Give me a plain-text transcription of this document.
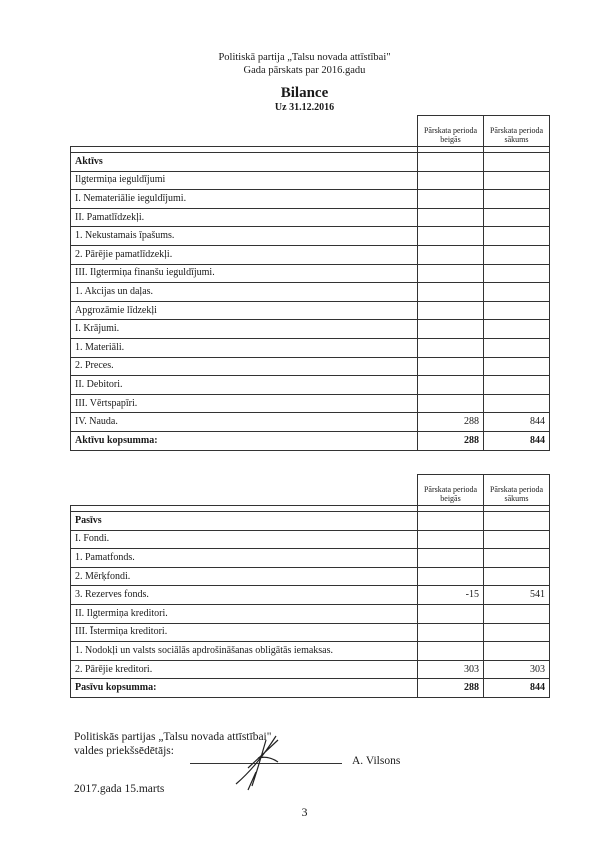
Politiskā partija „Talsu novada attīstībai"
Gada pārskats par 2016.gadu
Bilance
Uz 31.12.2016
	Pārskata perioda beigās	Pārskata perioda sākums

Aktīvs		
Ilgtermiņa ieguldījumi		
I. Nemateriālie ieguldījumi.		
II. Pamatlīdzekļi.		
1. Nekustamais īpašums.		
2. Pārējie pamatlīdzekļi.		
III. Ilgtermiņa finanšu ieguldījumi.		
1. Akcijas un daļas.		
Apgrozāmie līdzekļi		
I. Krājumi.		
1. Materiāli.		
2. Preces.		
II. Debitori.		
III. Vērtspapīri.		
IV. Nauda.	288	844
Aktīvu kopsumma:	288	844
	Pārskata perioda beigās	Pārskata perioda sākums

Pasīvs		
I. Fondi.		
1. Pamatfonds.		
2. Mērķfondi.		
3. Rezerves fonds.	-15	541
II. Ilgtermiņa kreditori.		
III. Īstermiņa kreditori.		
1. Nodokļi un valsts sociālās apdrošināšanas obligātās iemaksas.		
2. Pārējie kreditori.	303	303
Pasīvu kopsumma:	288	844
Politiskās partijas „Talsu novada attīstībai"
valdes priekšsēdētājs:
A. Vilsons
2017.gada 15.marts
3
